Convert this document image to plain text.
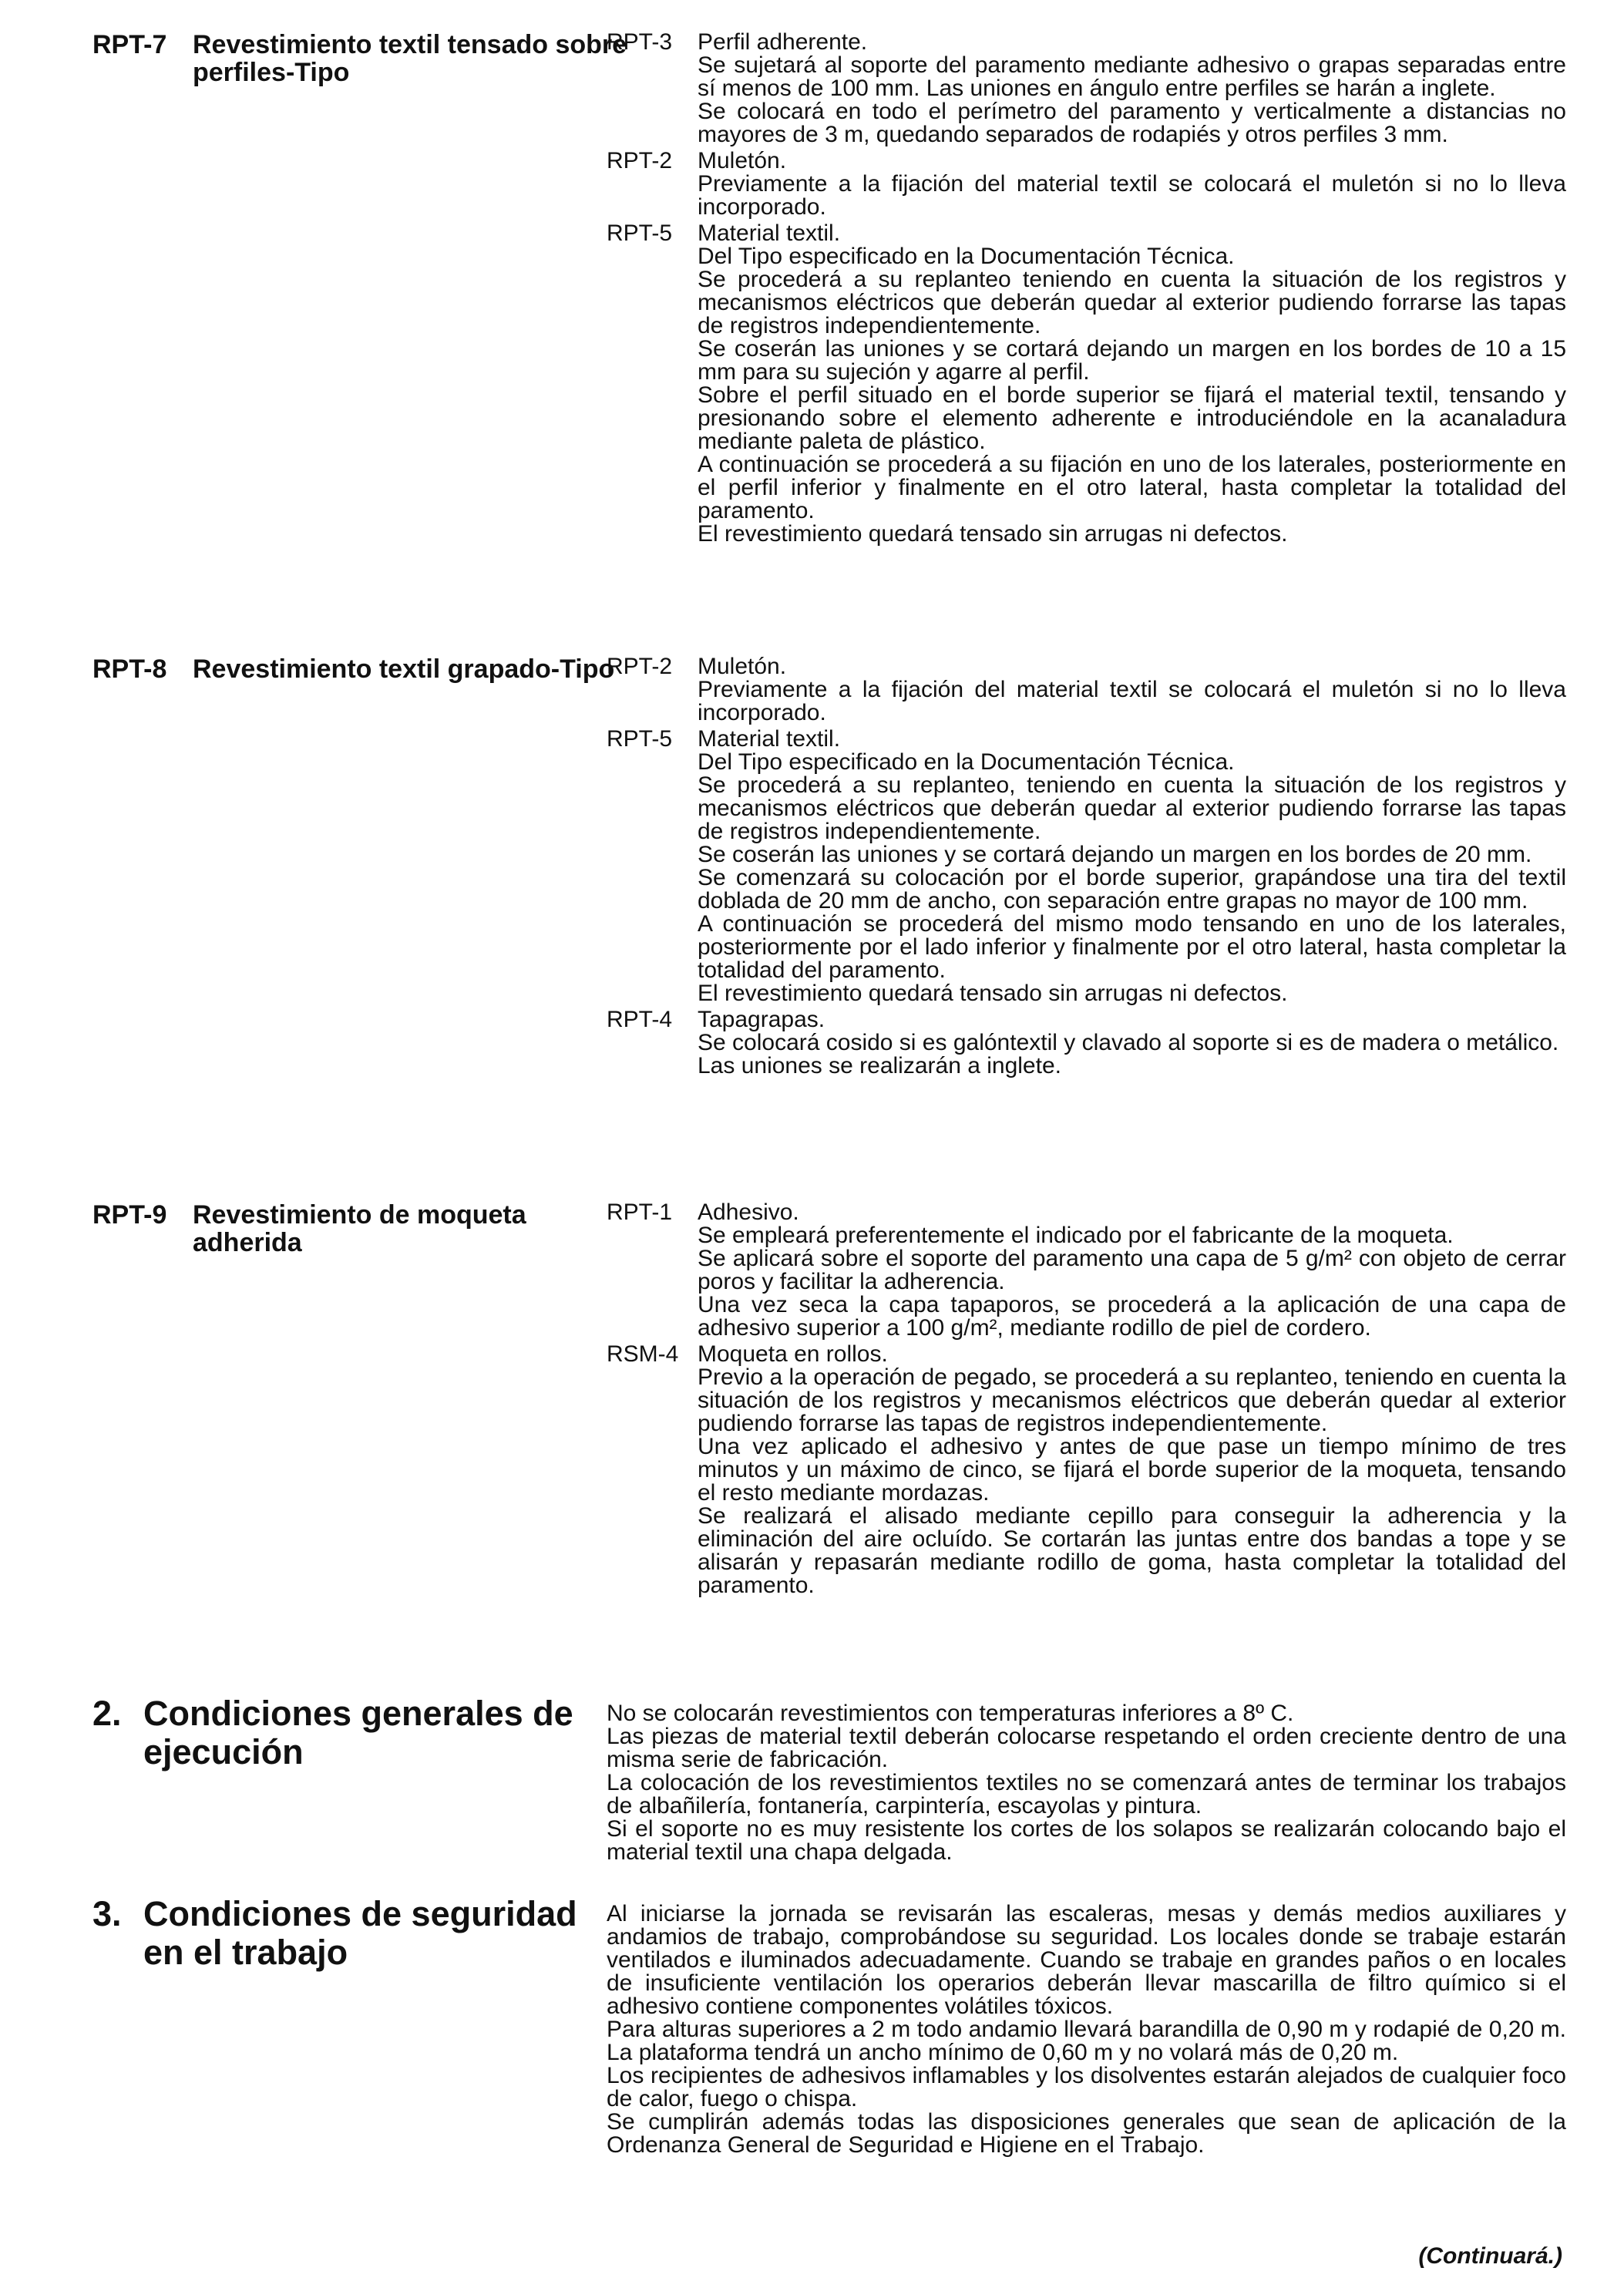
RPT-7 Revestimiento textil tensado sobre perfiles-Tipo
RPT-3 Perfil adherente.

Se sujetará al soporte del paramento mediante adhesivo o grapas separadas entre sí menos de 100 mm. Las uniones en ángulo entre perfiles se harán a inglete.

Se colocará en todo el perímetro del paramento y verticalmente a distancias no mayores de 3 m, quedando separados de rodapiés y otros perfiles 3 mm.

RPT-2 Muletón.

Previamente a la fijación del material textil se colocará el muletón si no lo lleva incorporado.

RPT-5 Material textil.

Del Tipo especificado en la Documentación Técnica.

Se procederá a su replanteo teniendo en cuenta la situación de los registros y mecanismos eléctricos que deberán quedar al exterior pudiendo forrarse las tapas de registros independientemente.

Se coserán las uniones y se cortará dejando un margen en los bordes de 10 a 15 mm para su sujeción y agarre al perfil.

Sobre el perfil situado en el borde superior se fijará el material textil, tensando y presionando sobre el elemento adherente e introduciéndole en la acanaladura mediante paleta de plástico.

A continuación se procederá a su fijación en uno de los laterales, posteriormente en el perfil inferior y finalmente en el otro lateral, hasta completar la totalidad del paramento.

El revestimiento quedará tensado sin arrugas ni defectos.

RPT-8 Revestimiento textil grapado-Tipo
RPT-2 Muletón.

Previamente a la fijación del material textil se colocará el muletón si no lo lleva incorporado.

RPT-5 Material textil.

Del Tipo especificado en la Documentación Técnica.

Se procederá a su replanteo, teniendo en cuenta la situación de los registros y mecanismos eléctricos que deberán quedar al exterior pudiendo forrarse las tapas de registros independientemente.

Se coserán las uniones y se cortará dejando un margen en los bordes de 20 mm.

Se comenzará su colocación por el borde superior, grapándose una tira del textil doblada de 20 mm de ancho, con separación entre grapas no mayor de 100 mm.

A continuación se procederá del mismo modo tensando en uno de los laterales, posteriormente por el lado inferior y finalmente por el otro lateral, hasta completar la totalidad del paramento.

El revestimiento quedará tensado sin arrugas ni defectos.

RPT-4 Tapagrapas.

Se colocará cosido si es galóntextil y clavado al soporte si es de madera o metálico.

Las uniones se realizarán a inglete.

RPT-9 Revestimiento de moqueta adherida
RPT-1 Adhesivo.

Se empleará preferentemente el indicado por el fabricante de la moqueta.

Se aplicará sobre el soporte del paramento una capa de 5 g/m² con objeto de cerrar poros y facilitar la adherencia.

Una vez seca la capa tapaporos, se procederá a la aplicación de una capa de adhesivo superior a 100 g/m², mediante rodillo de piel de cordero.

RSM-4 Moqueta en rollos.

Previo a la operación de pegado, se procederá a su replanteo, teniendo en cuenta la situación de los registros y mecanismos eléctricos que deberán quedar al exterior pudiendo forrarse las tapas de registros independientemente.

Una vez aplicado el adhesivo y antes de que pase un tiempo mínimo de tres minutos y un máximo de cinco, se fijará el borde superior de la moqueta, tensando el resto mediante mordazas.

Se realizará el alisado mediante cepillo para conseguir la adherencia y la eliminación del aire ocluído. Se cortarán las juntas entre dos bandas a tope y se alisarán y repasarán mediante rodillo de goma, hasta completar la totalidad del paramento.

2. Condiciones generales de ejecución

No se colocarán revestimientos con temperaturas inferiores a 8º C.

Las piezas de material textil deberán colocarse respetando el orden creciente dentro de una misma serie de fabricación.

La colocación de los revestimientos textiles no se comenzará antes de terminar los trabajos de albañilería, fontanería, carpintería, escayolas y pintura.

Si el soporte no es muy resistente los cortes de los solapos se realizarán colocando bajo el material textil una chapa delgada.

3. Condiciones de seguridad en el trabajo

Al iniciarse la jornada se revisarán las escaleras, mesas y demás medios auxiliares y andamios de trabajo, comprobándose su seguridad. Los locales donde se trabaje estarán ventilados e iluminados adecuadamente. Cuando se trabaje en grandes paños o en locales de insuficiente ventilación los operarios deberán llevar mascarilla de filtro químico si el adhesivo contiene componentes volátiles tóxicos.

Para alturas superiores a 2 m todo andamio llevará barandilla de 0,90 m y rodapié de 0,20 m. La plataforma tendrá un ancho mínimo de 0,60 m y no volará más de 0,20 m.

Los recipientes de adhesivos inflamables y los disolventes estarán alejados de cualquier foco de calor, fuego o chispa.

Se cumplirán además todas las disposiciones generales que sean de aplicación de la Ordenanza General de Seguridad e Higiene en el Trabajo.

(Continuará.)
